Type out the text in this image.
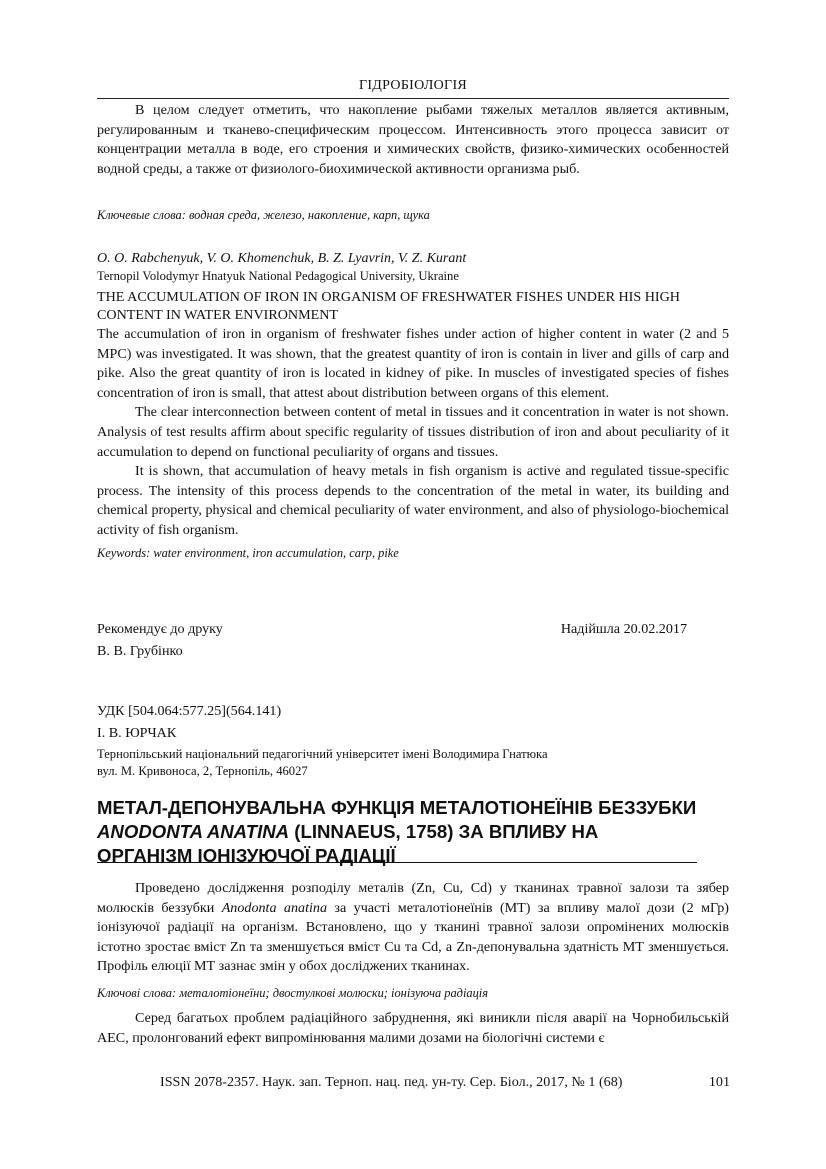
ГІДРОБІОЛОГІЯ

В целом следует отметить, что накопление рыбами тяжелых металлов является активным, регулированным и тканево-специфическим процессом. Интенсивность этого процесса зависит от концентрации металла в воде, его строения и химических свойств, физико-химических особенностей водной среды, а также от физиолого-биохимической активности организма рыб.

Ключевые слова: водная среда, железо, накопление, карп, щука

O. O. Rabchenyuk, V. O. Khomenchuk, B. Z. Lyavrin, V. Z. Kurant

Ternopil Volodymyr Hnatyuk National Pedagogical University, Ukraine

THE ACCUMULATION OF IRON IN ORGANISM OF FRESHWATER FISHES UNDER HIS HIGH CONTENT IN WATER ENVIRONMENT

The accumulation of iron in organism of freshwater fishes under action of higher content in water (2 and 5 MPC) was investigated. It was shown, that the greatest quantity of iron is contain in liver and gills of carp and pike. Also the great quantity of iron is located in kidney of pike. In muscles of investigated species of fishes concentration of iron is small, that attest about distribution between organs of this element.

The clear interconnection between content of metal in tissues and it concentration in water is not shown. Analysis of test results affirm about specific regularity of tissues distribution of iron and about peculiarity of it accumulation to depend on functional peculiarity of organs and tissues.

It is shown, that accumulation of heavy metals in fish organism is active and regulated tissue-specific process. The intensity of this process depends to the concentration of the metal in water, its building and chemical property, physical and chemical peculiarity of water environment, and also of physiologo-biochemical activity of fish organism.

Keywords: water environment, iron accumulation, carp, pike

Рекомендує до друку	Надійшла 20.02.2017
В. В. Грубінко

УДК [504.064:577.25](564.141)

І. В. ЮРЧАК

Тернопільський національний педагогічний університет імені Володимира Гнатюка

вул. М. Кривоноса, 2, Тернопіль, 46027

МЕТАЛ-ДЕПОНУВАЛЬНА ФУНКЦІЯ МЕТАЛОТІОНЕЇНІВ БЕЗЗУБКИ ANODONTA ANATINA (LINNAEUS, 1758) ЗА ВПЛИВУ НА ОРГАНІЗМ ІОНІЗУЮЧОЇ РАДІАЦІЇ

Проведено дослідження розподілу металів (Zn, Cu, Cd) у тканинах травної залози та зябер молюсків беззубки Anodonta anatina за участі металотіонеїнів (МТ) за впливу малої дози (2 мГр) іонізуючої радіації на організм. Встановлено, що у тканині травної залози опромінених молюсків істотно зростає вміст Zn та зменшується вміст Cu та Cd, а Zn-депонувальна здатність МТ зменшується. Профіль елюції МТ зазнає змін у обох досліджених тканинах.

Ключові слова: металотіонеїни; двостулкові молюски; іонізуюча радіація

Серед багатьох проблем радіаційного забруднення, які виникли після аварії на Чорнобильській АЕС, пролонгований ефект випромінювання малими дозами на біологічні системи є

ISSN 2078-2357. Наук. зап. Терноп. нац. пед. ун-ту. Сер. Біол., 2017, № 1 (68)	101
